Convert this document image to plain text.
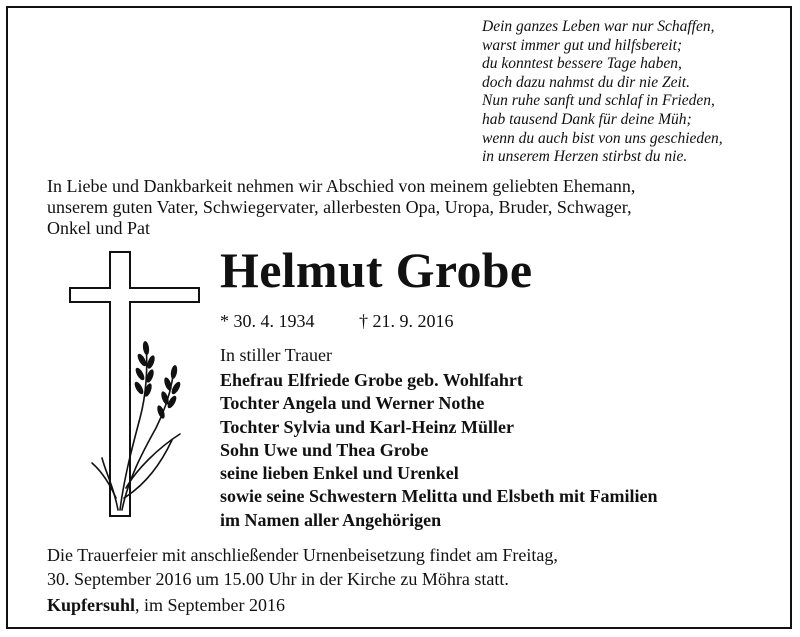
Dein ganzes Leben war nur Schaffen,
warst immer gut und hilfsbereit;
du konntest bessere Tage haben,
doch dazu nahmst du dir nie Zeit.
Nun ruhe sanft und schlaf in Frieden,
hab tausend Dank für deine Müh;
wenn du auch bist von uns geschieden,
in unserem Herzen stirbst du nie.
In Liebe und Dankbarkeit nehmen wir Abschied von meinem geliebten Ehemann,
unserem guten Vater, Schwiegervater, allerbesten Opa, Uropa, Bruder, Schwager,
Onkel und Pat
Helmut Grobe
* 30. 4. 1934 † 21. 9. 2016
In stiller Trauer
Ehefrau Elfriede Grobe geb. Wohlfahrt
Tochter Angela und Werner Nothe
Tochter Sylvia und Karl-Heinz Müller
Sohn Uwe und Thea Grobe
seine lieben Enkel und Urenkel
sowie seine Schwestern Melitta und Elsbeth mit Familien
im Namen aller Angehörigen
Die Trauerfeier mit anschließender Urnenbeisetzung findet am Freitag,
30. September 2016 um 15.00 Uhr in der Kirche zu Möhra statt.
Kupfersuhl, im September 2016
